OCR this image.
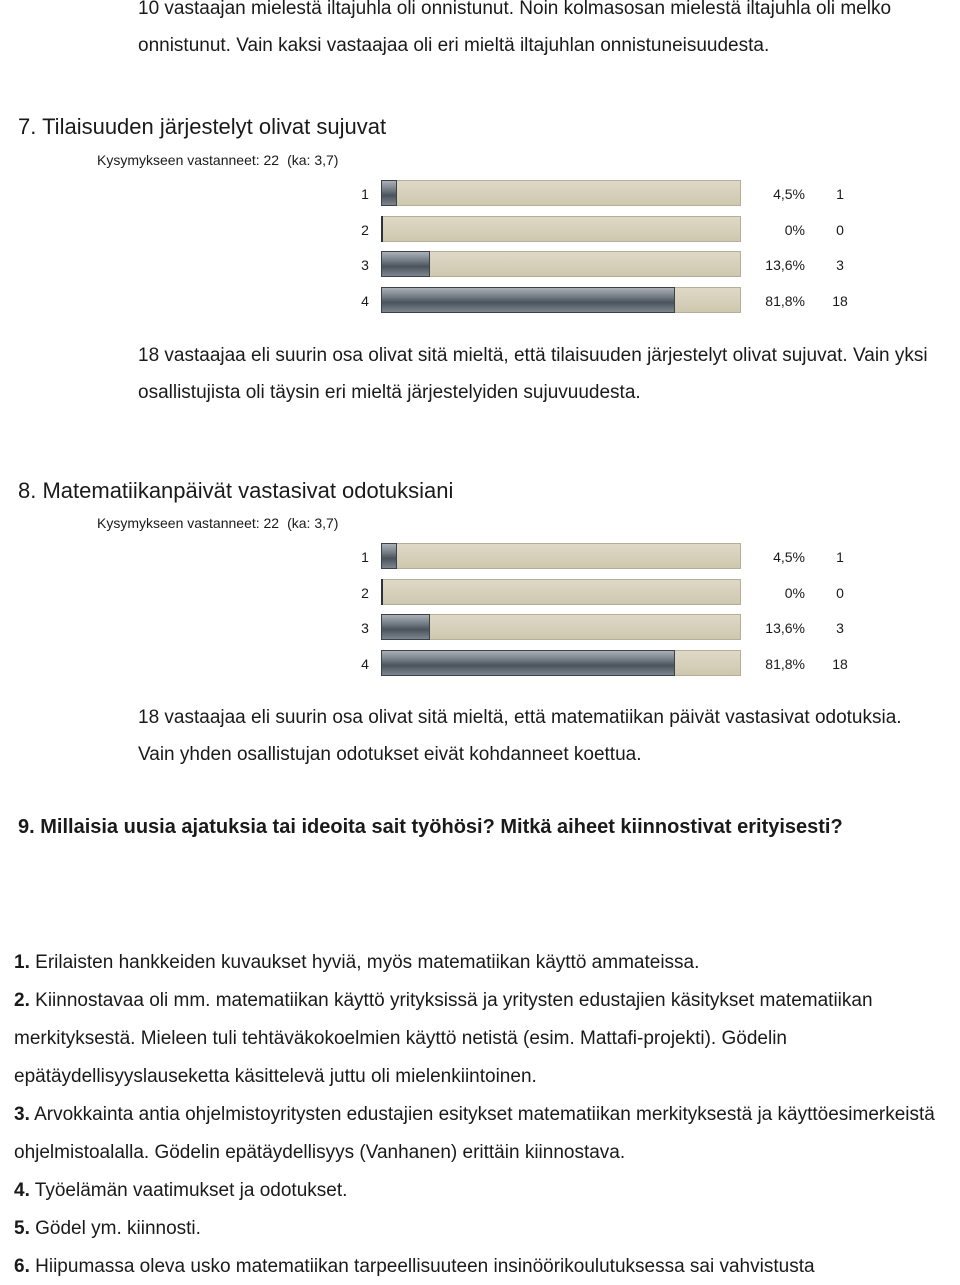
10 vastaajan mielestä iltajuhla oli onnistunut. Noin kolmasosan mielestä iltajuhla oli melko onnistunut. Vain kaksi vastaajaa oli eri mieltä iltajuhlan onnistuneisuudesta.

7. Tilaisuuden järjestelyt olivat sujuvat
Kysymykseen vastanneet: 22 (ka: 3,7)
1	4,5%	1
2	0%	0
3	13,6%	3
4	81,8%	18

18 vastaajaa eli suurin osa olivat sitä mieltä, että tilaisuuden järjestelyt olivat sujuvat. Vain yksi osallistujista oli täysin eri mieltä järjestelyiden sujuvuudesta.

8. Matematiikanpäivät vastasivat odotuksiani
Kysymykseen vastanneet: 22 (ka: 3,7)
1	4,5%	1
2	0%	0
3	13,6%	3
4	81,8%	18

18 vastaajaa eli suurin osa olivat sitä mieltä, että matematiikan päivät vastasivat odotuksia. Vain yhden osallistujan odotukset eivät kohdanneet koettua.

9. Millaisia uusia ajatuksia tai ideoita sait työhösi? Mitkä aiheet kiinnostivat erityisesti?

1. Erilaisten hankkeiden kuvaukset hyviä, myös matematiikan käyttö ammateissa.

2. Kiinnostavaa oli mm. matematiikan käyttö yrityksissä ja yritysten edustajien käsitykset matematiikan merkityksestä. Mieleen tuli tehtäväkokoelmien käyttö netistä (esim. Mattafi-projekti). Gödelin epätäydellisyyslauseketta käsittelevä juttu oli mielenkiintoinen.

3. Arvokkainta antia ohjelmistoyritysten edustajien esitykset matematiikan merkityksestä ja käyttöesimerkeistä ohjelmistoalalla. Gödelin epätäydellisyys (Vanhanen) erittäin kiinnostava.

4. Työelämän vaatimukset ja odotukset.

5. Gödel ym. kiinnosti.

6. Hiipumassa oleva usko matematiikan tarpeellisuuteen insinöörikoulutuksessa sai vahvistusta
